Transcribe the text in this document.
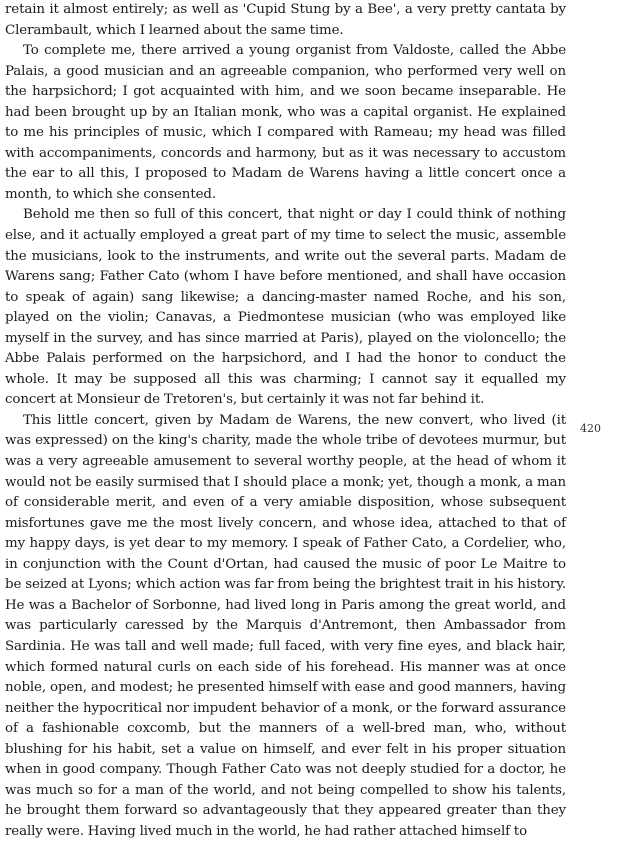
retain it almost entirely; as well as 'Cupid Stung by a Bee', a very pretty cantata by Clerambault, which I learned about the same time.

To complete me, there arrived a young organist from Valdoste, called the Abbe Palais, a good musician and an agreeable companion, who performed very well on the harpsichord; I got acquainted with him, and we soon became inseparable. He had been brought up by an Italian monk, who was a capital organist. He explained to me his principles of music, which I compared with Rameau; my head was filled with accompaniments, concords and harmony, but as it was necessary to accustom the ear to all this, I proposed to Madam de Warens having a little concert once a month, to which she consented.

Behold me then so full of this concert, that night or day I could think of nothing else, and it actually employed a great part of my time to select the music, assemble the musicians, look to the instruments, and write out the several parts. Madam de Warens sang; Father Cato (whom I have before mentioned, and shall have occasion to speak of again) sang likewise; a dancing-master named Roche, and his son, played on the violin; Canavas, a Piedmontese musician (who was employed like myself in the survey, and has since married at Paris), played on the violoncello; the Abbe Palais performed on the harpsichord, and I had the honor to conduct the whole. It may be supposed all this was charming; I cannot say it equalled my concert at Monsieur de Tretoren's, but certainly it was not far behind it.

This little concert, given by Madam de Warens, the new convert, who lived (it was expressed) on the king's charity, made the whole tribe of devotees murmur, but was a very agreeable amusement to several worthy people, at the head of whom it would not be easily surmised that I should place a monk; yet, though a monk, a man of considerable merit, and even of a very amiable disposition, whose subsequent misfortunes gave me the most lively concern, and whose idea, attached to that of my happy days, is yet dear to my memory. I speak of Father Cato, a Cordelier, who, in conjunction with the Count d'Ortan, had caused the music of poor Le Maitre to be seized at Lyons; which action was far from being the brightest trait in his history. He was a Bachelor of Sorbonne, had lived long in Paris among the great world, and was particularly caressed by the Marquis d'Antremont, then Ambassador from Sardinia. He was tall and well made; full faced, with very fine eyes, and black hair, which formed natural curls on each side of his forehead. His manner was at once noble, open, and modest; he presented himself with ease and good manners, having neither the hypocritical nor impudent behavior of a monk, or the forward assurance of a fashionable coxcomb, but the manners of a well-bred man, who, without blushing for his habit, set a value on himself, and ever felt in his proper situation when in good company. Though Father Cato was not deeply studied for a doctor, he was much so for a man of the world, and not being compelled to show his talents, he brought them forward so advantageously that they appeared greater than they really were. Having lived much in the world, he had rather attached himself to

420
